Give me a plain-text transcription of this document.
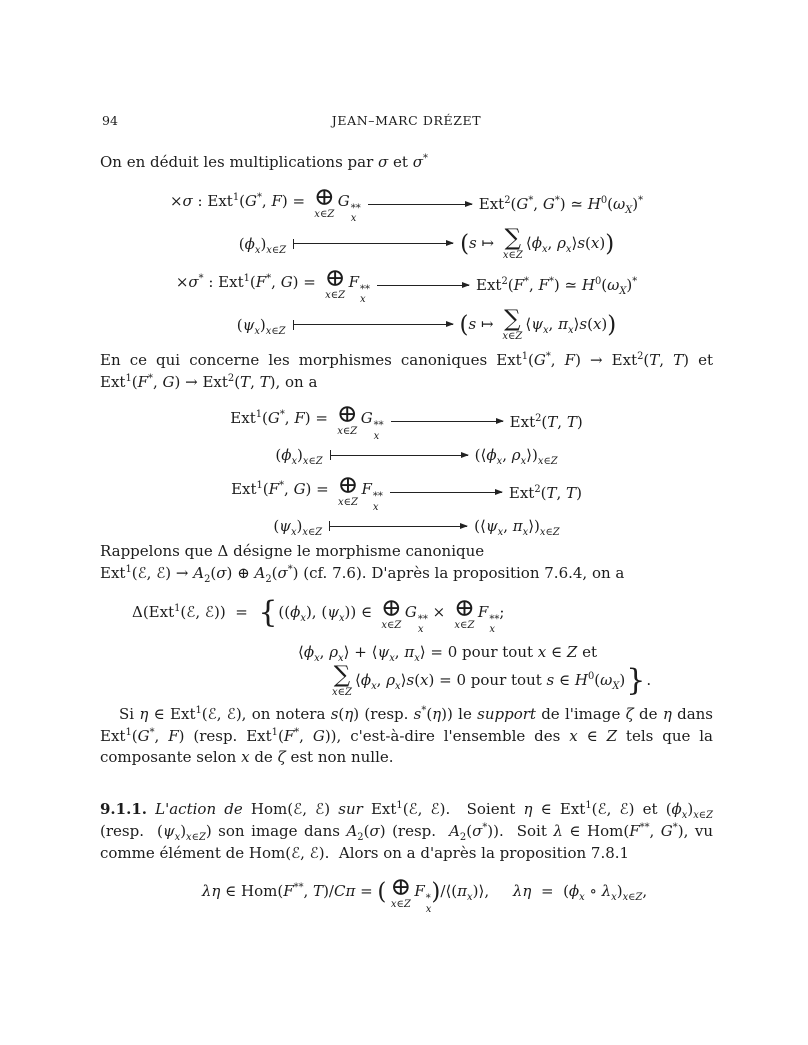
94	JEAN–MARC DRÉZET

On en déduit les multiplications par σ et σ*

×σ : Ext$^1$(G*, F) = ⊕
x∈Z
G **
x
Ext$^2$(G*, G*) ≃ $H^0(\omega_X)^*$
$(\phi_x)_{x\in Z}$	(s ↦ ∑
x∈Z
$⟨\phi_x$, $\rho_x⟩s(x)$)
×σ* : Ext$^1$(F*, G) = ⊕
x∈Z
F **
x
Ext$^2$(F*, F*) ≃ $H^0(\omega_X)^*$
$(\psi_x)_{x\in Z}$	(s ↦ ∑
x∈Z
$⟨\psi_x$, $\pi_x⟩s(x)$)

En ce qui concerne les morphismes canoniques Ext$^1$(G*, F) → Ext$^2$(T, T) et Ext$^1$(F*, G) → Ext$^2$(T, T), on a

Ext$^1$(G*, F) = ⊕
x∈Z
G **
x
Ext$^2$(T, T)
$(\phi_x)_{x\in Z}$	($⟨\phi_x$, $\rho_x⟩)_{x\in Z}$
Ext$^1$(F*, G) = ⊕
x∈Z
F **
x
Ext$^2$(T, T)
$(\psi_x)_{x\in Z}$	($⟨\psi_x$, $\pi_x⟩)_{x\in Z}$

Rappelons que Δ désigne le morphisme canonique
Ext$^1$(ℰ, ℰ) → $A_2(\sigma)$ ⊕ $A_2(\sigma^*)$ (cf. 7.6). D'après la proposition 7.6.4, on a

Δ(Ext$^1$(ℰ, ℰ))  =  {($(\phi_x)$, $(\psi_x)$) ∈ ⊕
x∈Z
G **
x
× ⊕
x∈Z
F **
x
;
$⟨\phi_x$, $\rho_x⟩$ + $⟨\psi_x$, $\pi_x⟩ = 0$ pour tout x ∈ Z et
∑
x∈Z
$⟨\phi_x$, $\rho_x⟩s(x) = 0$ pour tout s ∈ $H^0(\omega_X)$}.

Si η ∈ Ext$^1$(ℰ, ℰ), on notera s(η) (resp. s*(η)) le support de l'image ζ de η dans Ext$^1$(G*, F) (resp. Ext$^1$(F*, G)), c'est-à-dire l'ensemble des x ∈ Z tels que la composante selon x de ζ est non nulle.

9.1.1. L'action de Hom(ℰ, ℰ) sur Ext$^1$(ℰ, ℰ).  Soient η ∈ Ext$^1$(ℰ, ℰ) et $(\phi_x)_{x\in Z}$ (resp.  $(\psi_x)_{x\in Z}$) son image dans $A_2(\sigma)$ (resp.  $A_2(\sigma^*)$).  Soit λ ∈ Hom(F**, G*), vu comme élément de Hom(ℰ, ℰ).  Alors on a d'après la proposition 7.8.1

λη ∈ Hom(F**, T)/Cπ = ( ⊕
x∈Z
F *
x
)$/⟨(\pi_x)⟩$,     $\lambda\eta = (\phi_x$ ∘ $\lambda_x)_{x\in Z}$,
